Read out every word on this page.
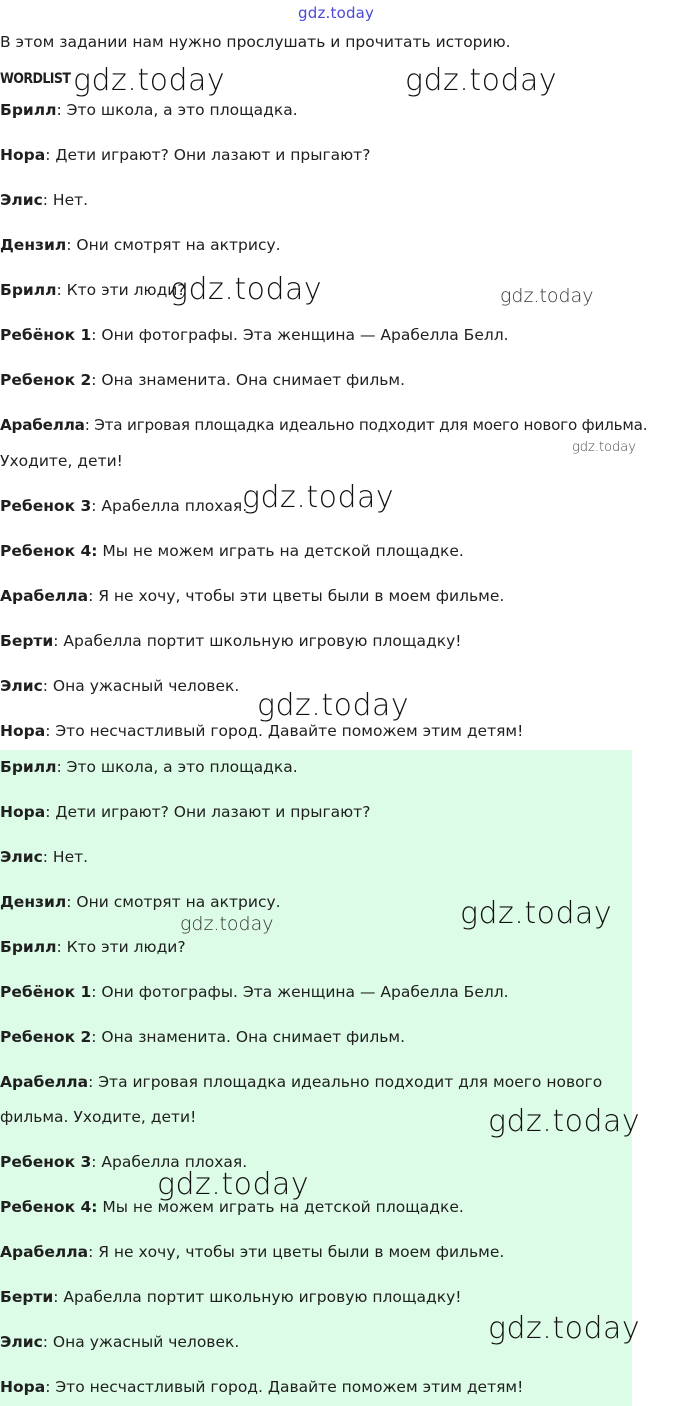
gdz.today
В этом задании нам нужно прослушать и прочитать историю.
WORDLIST
Брилл: Это школа, а это площадка.
Нора: Дети играют? Они лазают и прыгают?
Элис: Нет.
Дензил: Они смотрят на актрису.
Брилл: Кто эти люди?
Ребёнок 1: Они фотографы. Эта женщина — Арабелла Белл.
Ребенок 2: Она знаменита. Она снимает фильм.
Арабелла: Эта игровая площадка идеально подходит для моего нового фильма.
Уходите, дети!
Ребенок 3: Арабелла плохая.
Ребенок 4: Мы не можем играть на детской площадке.
Арабелла: Я не хочу, чтобы эти цветы были в моем фильме.
Берти: Арабелла портит школьную игровую площадку!
Элис: Она ужасный человек.
Нора: Это несчастливый город. Давайте поможем этим детям!
Брилл: Это школа, а это площадка.
Нора: Дети играют? Они лазают и прыгают?
Элис: Нет.
Дензил: Они смотрят на актрису.
Брилл: Кто эти люди?
Ребёнок 1: Они фотографы. Эта женщина — Арабелла Белл.
Ребенок 2: Она знаменита. Она снимает фильм.
Арабелла: Эта игровая площадка идеально подходит для моего нового
фильма. Уходите, дети!
Ребенок 3: Арабелла плохая.
Ребенок 4: Мы не можем играть на детской площадке.
Арабелла: Я не хочу, чтобы эти цветы были в моем фильме.
Берти: Арабелла портит школьную игровую площадку!
Элис: Она ужасный человек.
Нора: Это несчастливый город. Давайте поможем этим детям!
gdz.today	gdz.today
gdz.today	gdz.today
gdz.today
gdz.today
gdz.today
gdz.today	gdz.today
gdz.today
gdz.today
gdz.today
